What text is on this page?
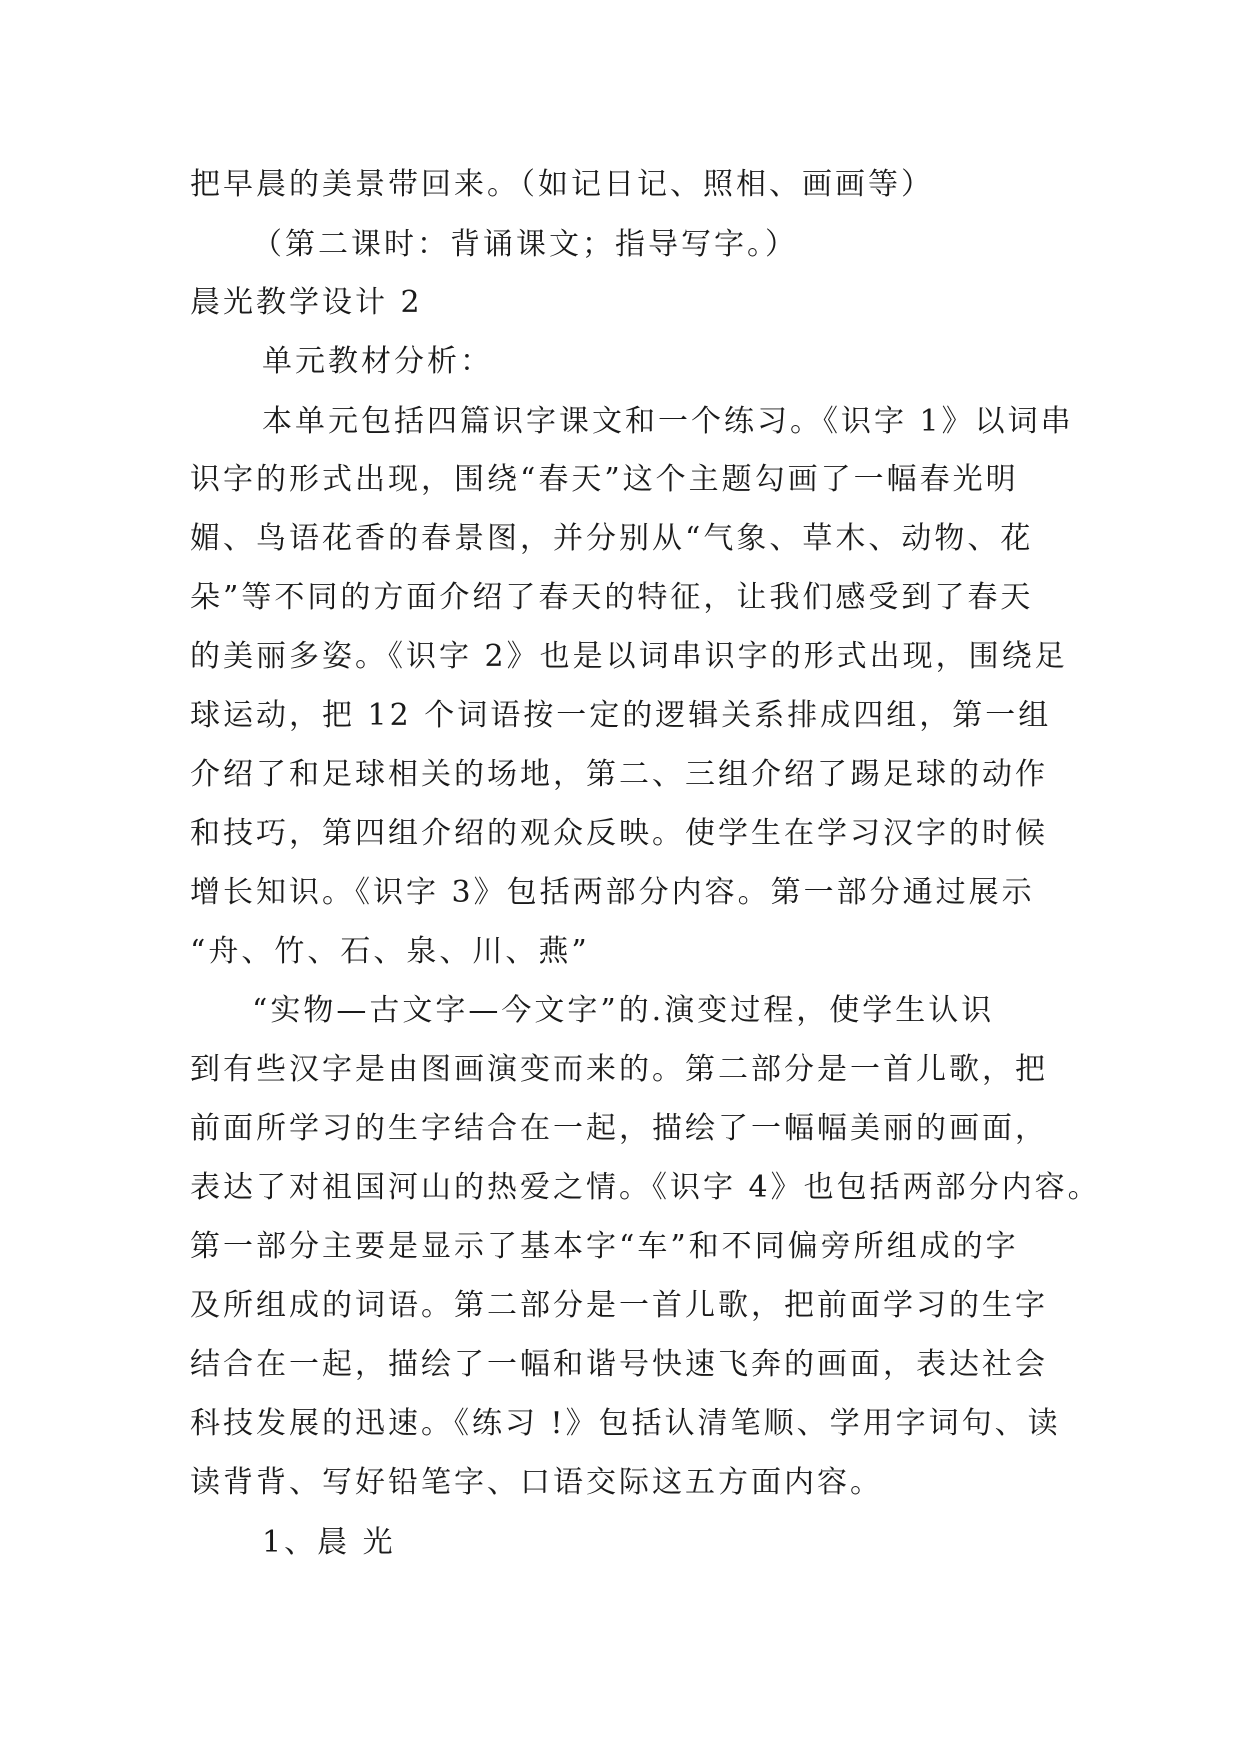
把早晨的美景带回来。（如记日记、照相、画画等）
（第二课时：背诵课文；指导写字。）
晨光教学设计 2
单元教材分析：
本单元包括四篇识字课文和一个练习。《识字 1》以词串
识字的形式出现，围绕“春天”这个主题勾画了一幅春光明
媚、鸟语花香的春景图，并分别从“气象、草木、动物、花
朵”等不同的方面介绍了春天的特征，让我们感受到了春天
的美丽多姿。《识字 2》也是以词串识字的形式出现，围绕足
球运动，把 12 个词语按一定的逻辑关系排成四组，第一组
介绍了和足球相关的场地，第二、三组介绍了踢足球的动作
和技巧，第四组介绍的观众反映。使学生在学习汉字的时候
增长知识。《识字 3》包括两部分内容。第一部分通过展示
“舟、竹、石、泉、川、燕”
“实物—古文字—今文字”的.演变过程，使学生认识
到有些汉字是由图画演变而来的。第二部分是一首儿歌，把
前面所学习的生字结合在一起，描绘了一幅幅美丽的画面，
表达了对祖国河山的热爱之情。《识字 4》也包括两部分内容。
第一部分主要是显示了基本字“车”和不同偏旁所组成的字
及所组成的词语。第二部分是一首儿歌，把前面学习的生字
结合在一起，描绘了一幅和谐号快速飞奔的画面，表达社会
科技发展的迅速。《练习 !》包括认清笔顺、学用字词句、读
读背背、写好铅笔字、口语交际这五方面内容。
1、晨 光
